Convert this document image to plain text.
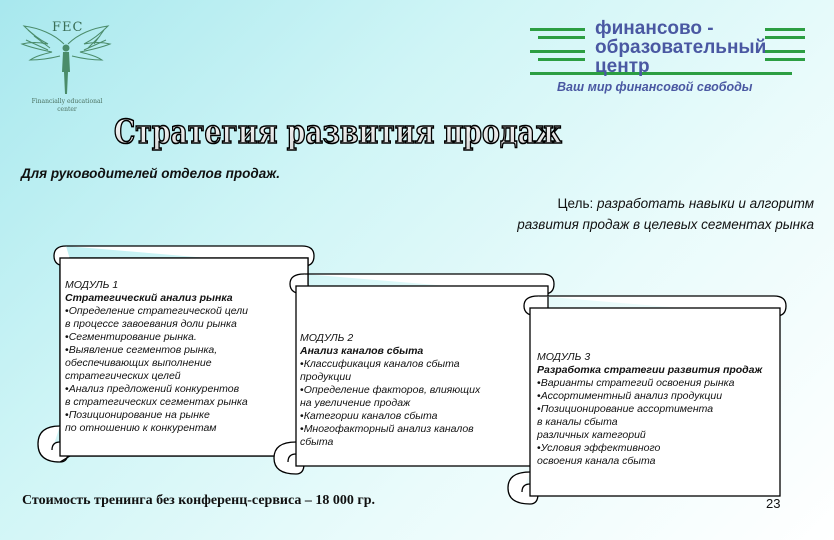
FEC
Financially educational center
финансово -
образовательный
центр
Ваш мир финансовой свободы
Стратегия развития продаж
Для руководителей отделов продаж.
Цель: разработать навыки и алгоритм
развития продаж в целевых сегментах рынка
МОДУЛЬ 1
Стратегический анализ рынка
•Определение стратегической цели
в процессе завоевания доли рынка
•Сегментирование рынка.
•Выявление сегментов рынка,
обеспечивающих выполнение
стратегических целей
•Анализ предложений конкурентов
в стратегических сегментах рынка
•Позиционирование на рынке
по отношению к конкурентам
МОДУЛЬ 2
Анализ каналов сбыта
•Классификация каналов сбыта
продукции
•Определение факторов, влияющих
на увеличение продаж
•Категории каналов сбыта
•Многофакторный анализ каналов
сбыта
МОДУЛЬ 3
Разработка стратегии развития продаж
•Варианты стратегий освоения рынка
•Ассортиментный анализ продукции
•Позиционирование ассортимента
в каналы сбыта
различных категорий
•Условия эффективного
освоения канала сбыта
Стоимость тренинга без конференц-сервиса – 18 000 гр.	23
